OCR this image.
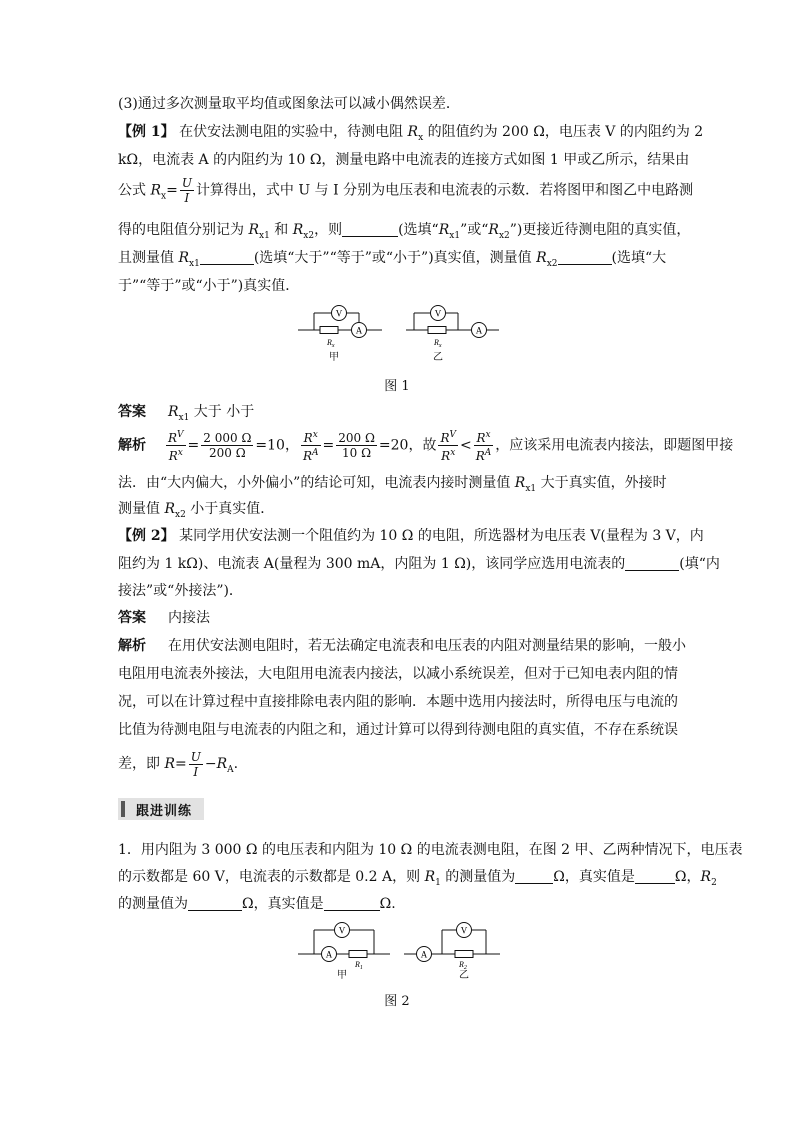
(3)通过多次测量取平均值或图象法可以减小偶然误差．
【例 1】 在伏安法测电阻的实验中，待测电阻 $R_x$ 的阻值约为 200 Ω，电压表 V 的内阻约为 2
kΩ，电流表 A 的内阻约为 10 Ω，测量电路中电流表的连接方式如图 1 甲或乙所示，结果由
公式 $R_x= \frac{U}{I}$ 计算得出，式中 U 与 I 分别为电压表和电流表的示数．若将图甲和图乙中电路测
得的电阻值分别记为 $R_{x1}$ 和 $R_{x2}$，则	(选填“$R_{x1}$”或“$R_{x2}$”)更接近待测电阻的真实值，
且测量值 $R_{x1}$	(选填“大于”“等于”或“小于”)真实值，测量值 $R_{x2}$	(选填“大
于”“等于”或“小于”)真实值．
V
$R_x$
A
甲
V
$R_x$
A
乙
图 1
答案 $R_{x1}$ 大于 小于
解析 $\frac{R^V}{R^x} = \frac{2 000 \Omega}{200 \Omega} =10$， $\frac{R^x}{R^A} = \frac{200 \Omega}{10 \Omega} =20$，故 $\frac{R^V}{R^x} < \frac{R^x}{R^A}$ ，应该采用电流表内接法，即题图甲接
法．由“大内偏大，小外偏小”的结论可知，电流表内接时测量值 $R_{x1}$ 大于真实值，外接时
测量值 $R_{x2}$ 小于真实值．
【例 2】 某同学用伏安法测一个阻值约为 10 Ω 的电阻，所选器材为电压表 V(量程为 3 V，内
阻约为 1 kΩ)、电流表 A(量程为 300 mA，内阻为 1 Ω)，该同学应选用电流表的	(填“内
接法”或“外接法”)．
答案 内接法
解析 在用伏安法测电阻时，若无法确定电流表和电压表的内阻对测量结果的影响，一般小
电阻用电流表外接法，大电阻用电流表内接法，以减小系统误差，但对于已知电表内阻的情
况，可以在计算过程中直接排除电表内阻的影响．本题中选用内接法时，所得电压与电流的
比值为待测电阻与电流表的内阻之和，通过计算可以得到待测电阻的真实值，不存在系统误
差，即 $R= \frac{U}{I} -R_A$.
跟进训练
1．用内阻为 3 000 Ω 的电压表和内阻为 10 Ω 的电流表测电阻，在图 2 甲、乙两种情况下，电压表
的示数都是 60 V，电流表的示数都是 0.2 A，则 $R_1$ 的测量值为	Ω，真实值是	Ω，$R_2$
的测量值为	Ω，真实值是	Ω.
V
A
$R_1$
甲
A
V
$R_2$
乙
图 2
